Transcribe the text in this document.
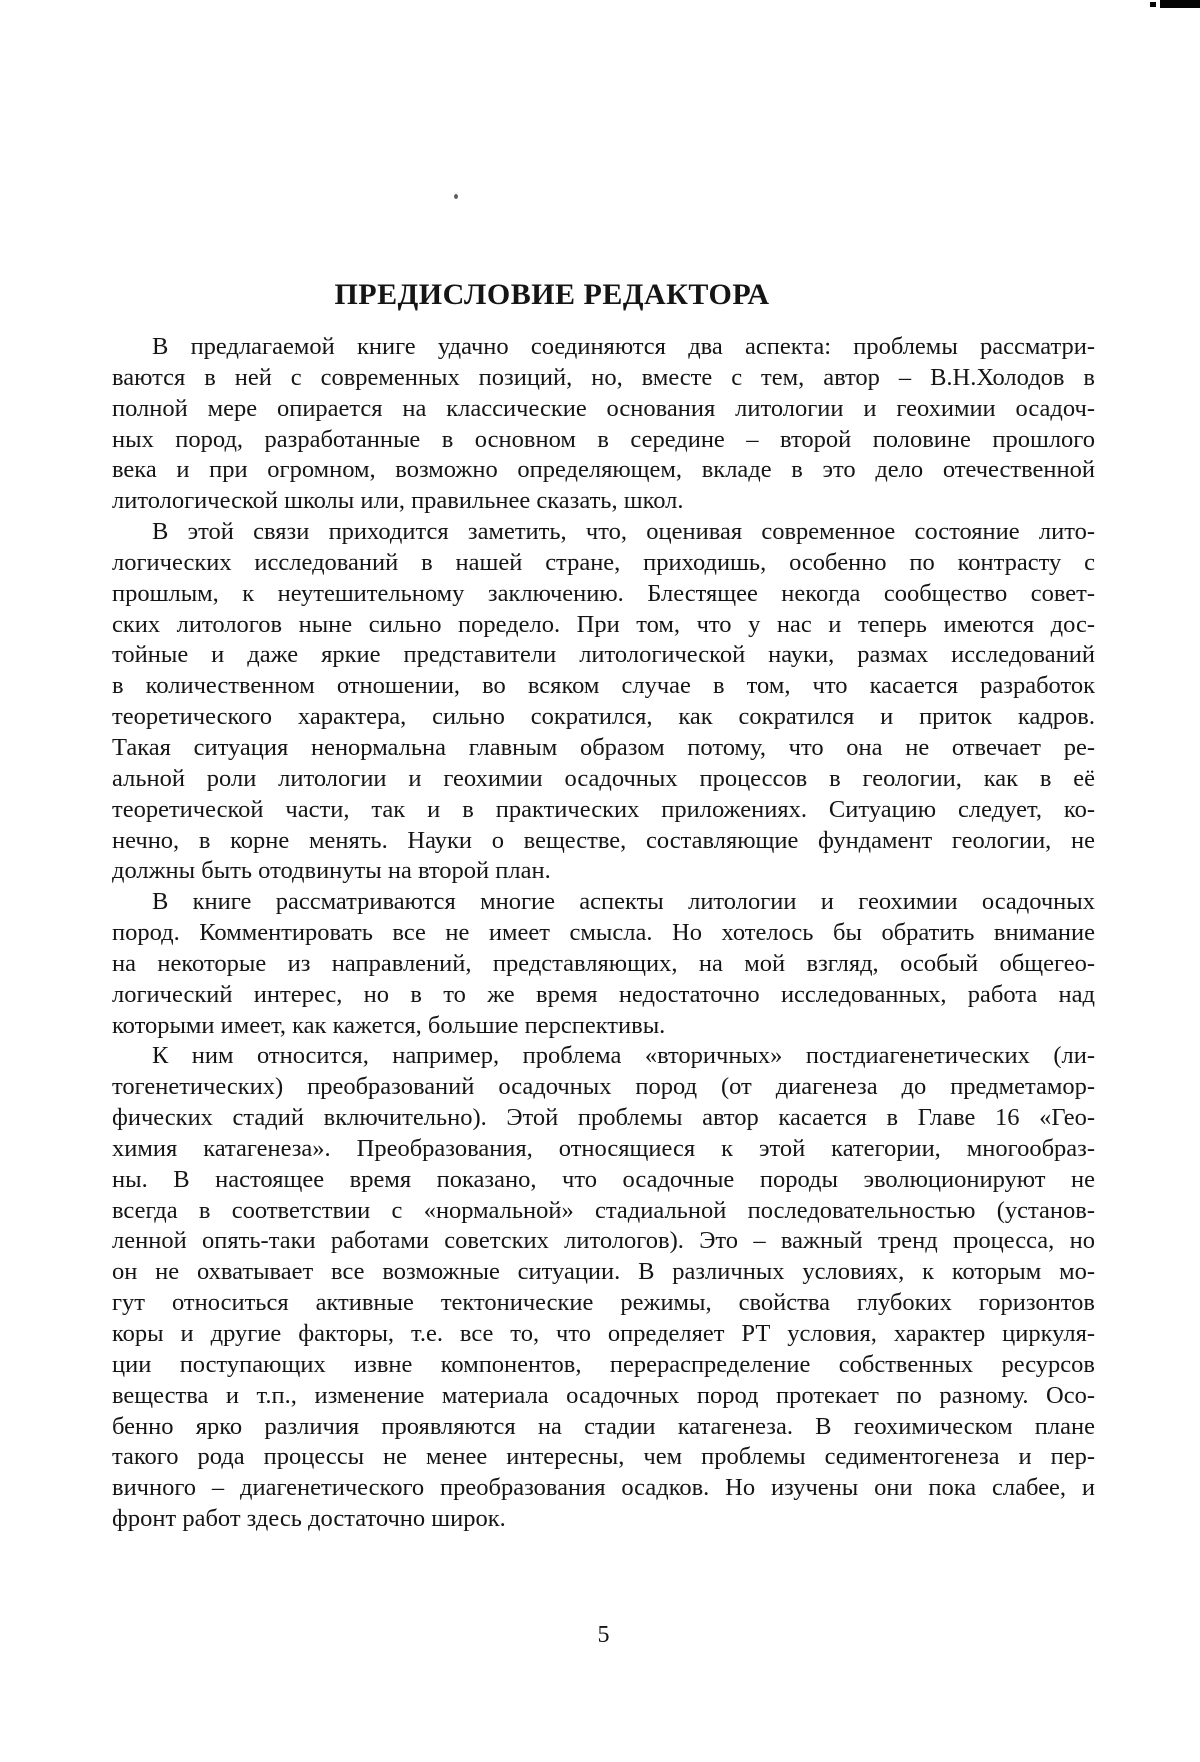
ПРЕДИСЛОВИЕ РЕДАКТОРА
В предлагаемой книге удачно соединяются два аспекта: проблемы рассматри-
ваются в ней с современных позиций, но, вместе с тем, автор – В.Н.Холодов в
полной мере опирается на классические основания литологии и геохимии осадоч-
ных пород, разработанные в основном в середине – второй половине прошлого
века и при огромном, возможно определяющем, вкладе в это дело отечественной
литологической школы или, правильнее сказать, школ.
В этой связи приходится заметить, что, оценивая современное состояние лито-
логических исследований в нашей стране, приходишь, особенно по контрасту с
прошлым, к неутешительному заключению. Блестящее некогда сообщество совет-
ских литологов ныне сильно поредело. При том, что у нас и теперь имеются дос-
тойные и даже яркие представители литологической науки, размах исследований
в количественном отношении, во всяком случае в том, что касается разработок
теоретического характера, сильно сократился, как сократился и приток кадров.
Такая ситуация ненормальна главным образом потому, что она не отвечает ре-
альной роли литологии и геохимии осадочных процессов в геологии, как в её
теоретической части, так и в практических приложениях. Ситуацию следует, ко-
нечно, в корне менять. Науки о веществе, составляющие фундамент геологии, не
должны быть отодвинуты на второй план.
В книге рассматриваются многие аспекты литологии и геохимии осадочных
пород. Комментировать все не имеет смысла. Но хотелось бы обратить внимание
на некоторые из направлений, представляющих, на мой взгляд, особый общегео-
логический интерес, но в то же время недостаточно исследованных, работа над
которыми имеет, как кажется, большие перспективы.
К ним относится, например, проблема «вторичных» постдиагенетических (ли-
тогенетических) преобразований осадочных пород (от диагенеза до предметамор-
фических стадий включительно). Этой проблемы автор касается в Главе 16 «Гео-
химия катагенеза». Преобразования, относящиеся к этой категории, многообраз-
ны. В настоящее время показано, что осадочные породы эволюционируют не
всегда в соответствии с «нормальной» стадиальной последовательностью (установ-
ленной опять-таки работами советских литологов). Это – важный тренд процесса, но
он не охватывает все возможные ситуации. В различных условиях, к которым мо-
гут относиться активные тектонические режимы, свойства глубоких горизонтов
коры и другие факторы, т.е. все то, что определяет РТ условия, характер циркуля-
ции поступающих извне компонентов, перераспределение собственных ресурсов
вещества и т.п., изменение материала осадочных пород протекает по разному. Осо-
бенно ярко различия проявляются на стадии катагенеза. В геохимическом плане
такого рода процессы не менее интересны, чем проблемы седиментогенеза и пер-
вичного – диагенетического преобразования осадков. Но изучены они пока слабее, и
фронт работ здесь достаточно широк.
5
